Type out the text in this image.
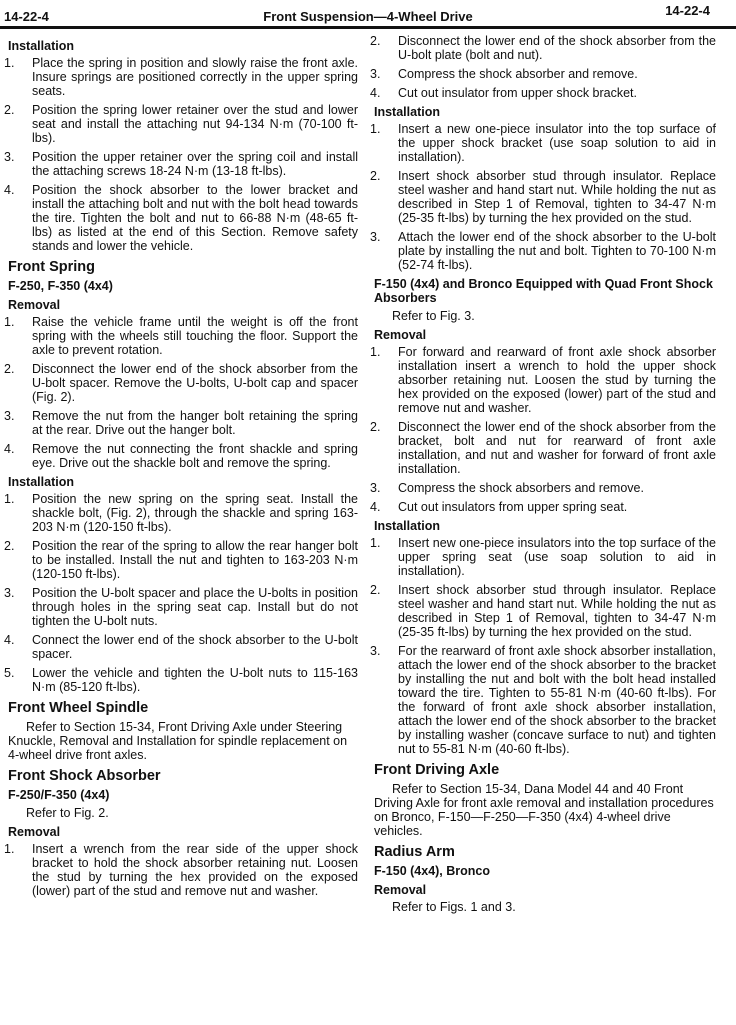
14-22-4	Front Suspension—4-Wheel Drive	14-22-4
Installation
1.	Place the spring in position and slowly raise the front axle. Insure springs are positioned correctly in the upper spring seats.
2.	Position the spring lower retainer over the stud and lower seat and install the attaching nut 94-134 N·m (70-100 ft-lbs).
3.	Position the upper retainer over the spring coil and install the attaching screws 18-24 N·m (13-18 ft-lbs).
4.	Position the shock absorber to the lower bracket and install the attaching bolt and nut with the bolt head towards the tire. Tighten the bolt and nut to 66-88 N·m (48-65 ft-lbs) as listed at the end of this Section. Remove safety stands and lower the vehicle.
Front Spring
F-250, F-350 (4x4)
Removal
1.	Raise the vehicle frame until the weight is off the front spring with the wheels still touching the floor. Support the axle to prevent rotation.
2.	Disconnect the lower end of the shock absorber from the U-bolt spacer. Remove the U-bolts, U-bolt cap and spacer (Fig. 2).
3.	Remove the nut from the hanger bolt retaining the spring at the rear. Drive out the hanger bolt.
4.	Remove the nut connecting the front shackle and spring eye. Drive out the shackle bolt and remove the spring.
Installation
1.	Position the new spring on the spring seat. Install the shackle bolt, (Fig. 2), through the shackle and spring 163-203 N·m (120-150 ft-lbs).
2.	Position the rear of the spring to allow the rear hanger bolt to be installed. Install the nut and tighten to 163-203 N·m (120-150 ft-lbs).
3.	Position the U-bolt spacer and place the U-bolts in position through holes in the spring seat cap. Install but do not tighten the U-bolt nuts.
4.	Connect the lower end of the shock absorber to the U-bolt spacer.
5.	Lower the vehicle and tighten the U-bolt nuts to 115-163 N·m (85-120 ft-lbs).
Front Wheel Spindle
Refer to Section 15-34, Front Driving Axle under Steering Knuckle, Removal and Installation for spindle replacement on 4-wheel drive front axles.
Front Shock Absorber
F-250/F-350 (4x4)
Refer to Fig. 2.
Removal
1.	Insert a wrench from the rear side of the upper shock bracket to hold the shock absorber retaining nut. Loosen the stud by turning the hex provided on the exposed (lower) part of the stud and remove nut and washer.
2.	Disconnect the lower end of the shock absorber from the U-bolt plate (bolt and nut).
3.	Compress the shock absorber and remove.
4.	Cut out insulator from upper shock bracket.
Installation
1.	Insert a new one-piece insulator into the top surface of the upper shock bracket (use soap solution to aid in installation).
2.	Insert shock absorber stud through insulator. Replace steel washer and hand start nut. While holding the nut as described in Step 1 of Removal, tighten to 34-47 N·m (25-35 ft-lbs) by turning the hex provided on the stud.
3.	Attach the lower end of the shock absorber to the U-bolt plate by installing the nut and bolt. Tighten to 70-100 N·m (52-74 ft-lbs).
F-150 (4x4) and Bronco Equipped with Quad Front Shock Absorbers
Refer to Fig. 3.
Removal
1.	For forward and rearward of front axle shock absorber installation insert a wrench to hold the upper shock absorber retaining nut. Loosen the stud by turning the hex provided on the exposed (lower) part of the stud and remove nut and washer.
2.	Disconnect the lower end of the shock absorber from the bracket, bolt and nut for rearward of front axle installation, and nut and washer for forward of front axle installation.
3.	Compress the shock absorbers and remove.
4.	Cut out insulators from upper spring seat.
Installation
1.	Insert new one-piece insulators into the top surface of the upper spring seat (use soap solution to aid in installation).
2.	Insert shock absorber stud through insulator. Replace steel washer and hand start nut. While holding the nut as described in Step 1 of Removal, tighten to 34-47 N·m (25-35 ft-lbs) by turning the hex provided on the stud.
3.	For the rearward of front axle shock absorber installation, attach the lower end of the shock absorber to the bracket by installing the nut and bolt with the bolt head installed toward the tire. Tighten to 55-81 N·m (40-60 ft-lbs). For the forward of front axle shock absorber installation, attach the lower end of the shock absorber to the bracket by installing washer (concave surface to nut) and tighten nut to 55-81 N·m (40-60 ft-lbs).
Front Driving Axle
Refer to Section 15-34, Dana Model 44 and 40 Front Driving Axle for front axle removal and installation procedures on Bronco, F-150—F-250—F-350 (4x4) 4-wheel drive vehicles.
Radius Arm
F-150 (4x4), Bronco
Removal
Refer to Figs. 1 and 3.
